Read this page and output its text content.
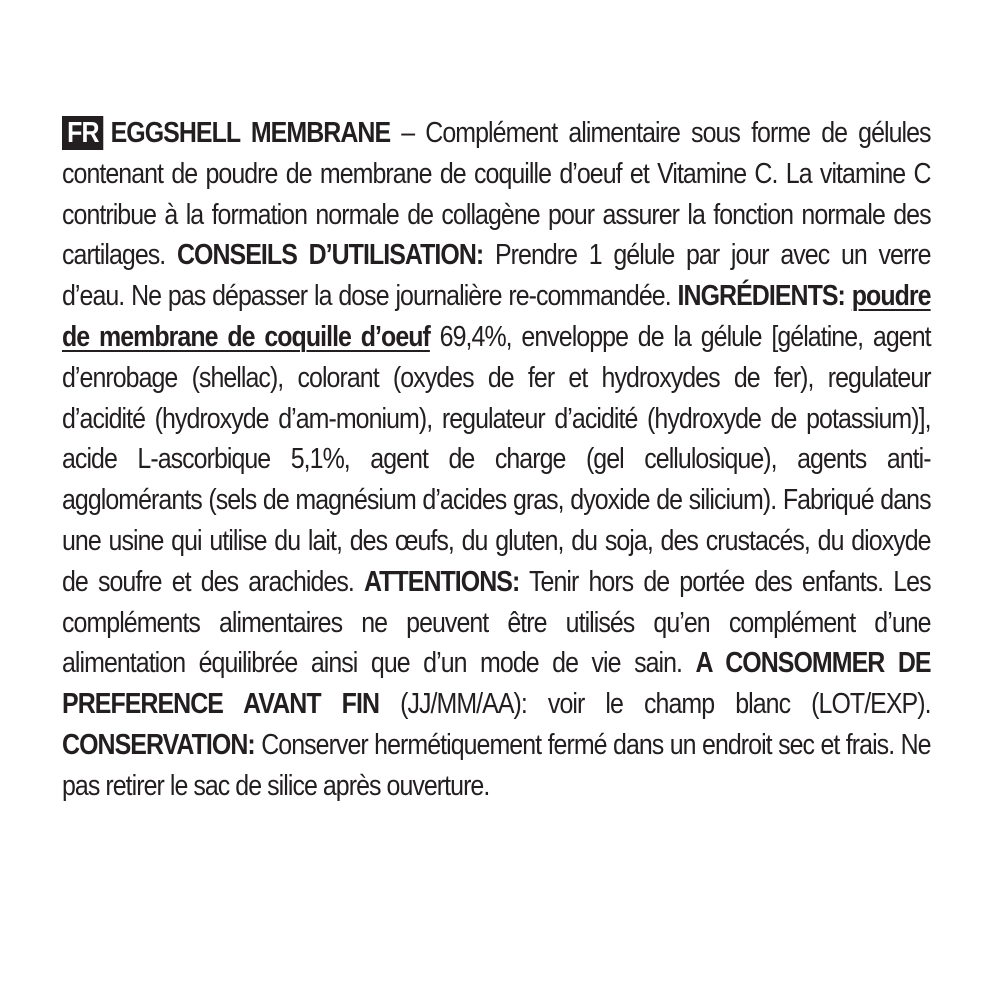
FR EGGSHELL MEMBRANE – Complément alimentaire sous forme de gélules contenant de poudre de membrane de coquille d’oeuf et Vitamine C. La vitamine C contribue à la formation normale de collagène pour assurer la fonction normale des cartilages. CONSEILS D’UTILISATION: Prendre 1 gélule par jour avec un verre d’eau. Ne pas dépasser la dose journalière re-commandée. INGRÉDIENTS: poudre de membrane de coquille d’oeuf 69,4%, enveloppe de la gélule [gélatine, agent d’enrobage (shellac), colorant (oxydes de fer et hydroxydes de fer), regulateur d’acidité (hydroxyde d’am-monium), regulateur d’acidité (hydroxyde de potassium)], acide L-ascorbique 5,1%, agent de charge (gel cellulosique), agents anti-agglomérants (sels de magnésium d’acides gras, dyoxide de silicium). Fabriqué dans une usine qui utilise du lait, des œufs, du gluten, du soja, des crustacés, du dioxyde de soufre et des arachides. ATTENTIONS: Tenir hors de portée des enfants. Les compléments alimentaires ne peuvent être utilisés qu’en complément d’une alimentation équilibrée ainsi que d’un mode de vie sain. A CONSOMMER DE PREFERENCE AVANT FIN (JJ/MM/AA): voir le champ blanc (LOT/EXP). CONSERVATION: Conserver hermétiquement fermé dans un endroit sec et frais. Ne pas retirer le sac de silice après ouverture.
